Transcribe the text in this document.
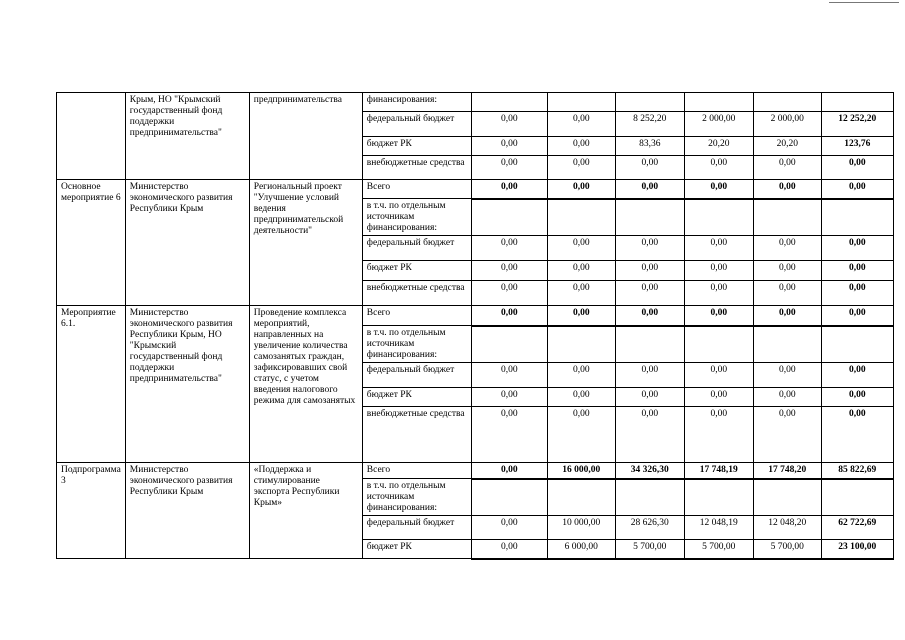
	Крым, НО "Крымский государственный фонд поддержки предпринимательства"	предпринимательства	финансирования:						
			федеральный бюджет	0,00	0,00	8 252,20	2 000,00	2 000,00	12 252,20
			бюджет РК	0,00	0,00	83,36	20,20	20,20	123,76
			внебюджетные средства	0,00	0,00	0,00	0,00	0,00	0,00
Основное мероприятие 6	Министерство экономического развития Республики Крым	Региональный проект "Улучшение условий ведения предпринимательской деятельности"	Всего	0,00	0,00	0,00	0,00	0,00	0,00
			в т.ч. по отдельным источникам финансирования:						
			федеральный бюджет	0,00	0,00	0,00	0,00	0,00	0,00
			бюджет РК	0,00	0,00	0,00	0,00	0,00	0,00
			внебюджетные средства	0,00	0,00	0,00	0,00	0,00	0,00
Мероприятие 6.1.	Министерство экономического развития Республики Крым, НО "Крымский государственный фонд поддержки предпринимательства"	Проведение комплекса мероприятий, направленных на увеличение количества самозанятых граждан, зафиксировавших свой статус, с учетом введения налогового режима для самозанятых	Всего	0,00	0,00	0,00	0,00	0,00	0,00
			в т.ч. по отдельным источникам финансирования:						
			федеральный бюджет	0,00	0,00	0,00	0,00	0,00	0,00
			бюджет РК	0,00	0,00	0,00	0,00	0,00	0,00
			внебюджетные средства	0,00	0,00	0,00	0,00	0,00	0,00
Подпрограмма 3	Министерство экономического развития Республики Крым	«Поддержка и стимулирование экспорта Республики Крым»	Всего	0,00	16 000,00	34 326,30	17 748,19	17 748,20	85 822,69
			в т.ч. по отдельным источникам финансирования:						
			федеральный бюджет	0,00	10 000,00	28 626,30	12 048,19	12 048,20	62 722,69
			бюджет РК	0,00	6 000,00	5 700,00	5 700,00	5 700,00	23 100,00
